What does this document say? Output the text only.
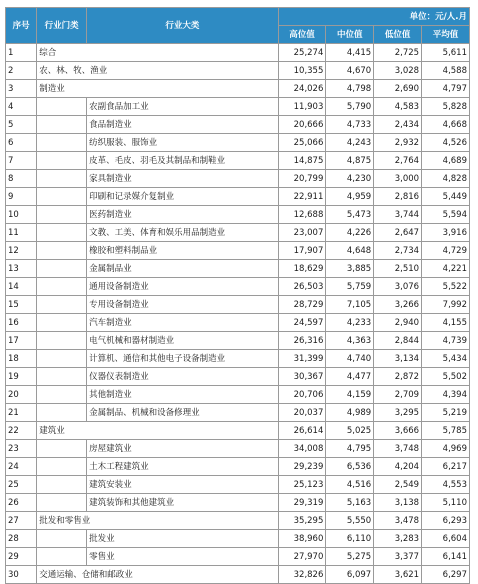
序号	行业门类	行业大类	单位：元/人.月			
			高位值	中位值	低位值	平均值
1	综合		25,274	4,415	2,725	5,611
2	农、林、牧、渔业		10,355	4,670	3,028	4,588
3	制造业		24,026	4,798	2,690	4,797
4		农副食品加工业	11,903	5,790	4,583	5,828
5		食品制造业	20,666	4,733	2,434	4,668
6		纺织服装、服饰业	25,066	4,243	2,932	4,526
7		皮革、毛皮、羽毛及其制品和制鞋业	14,875	4,875	2,764	4,689
8		家具制造业	20,799	4,230	3,000	4,828
9		印刷和记录媒介复制业	22,911	4,959	2,816	5,449
10		医药制造业	12,688	5,473	3,744	5,594
11		文教、工美、体育和娱乐用品制造业	23,007	4,226	2,647	3,916
12		橡胶和塑料制品业	17,907	4,648	2,734	4,729
13		金属制品业	18,629	3,885	2,510	4,221
14		通用设备制造业	26,503	5,759	3,076	5,522
15		专用设备制造业	28,729	7,105	3,266	7,992
16		汽车制造业	24,597	4,233	2,940	4,155
17		电气机械和器材制造业	26,316	4,363	2,844	4,739
18		计算机、通信和其他电子设备制造业	31,399	4,740	3,134	5,434
19		仪器仪表制造业	30,367	4,477	2,872	5,502
20		其他制造业	20,706	4,159	2,709	4,394
21		金属制品、机械和设备修理业	20,037	4,989	3,295	5,219
22	建筑业		26,614	5,025	3,666	5,785
23		房屋建筑业	34,008	4,795	3,748	4,969
24		土木工程建筑业	29,239	6,536	4,204	6,217
25		建筑安装业	25,123	4,516	2,549	4,553
26		建筑装饰和其他建筑业	29,319	5,163	3,138	5,110
27	批发和零售业		35,295	5,550	3,478	6,293
28		批发业	38,960	6,110	3,283	6,604
29		零售业	27,970	5,275	3,377	6,141
30	交通运输、仓储和邮政业		32,826	6,097	3,621	6,297
